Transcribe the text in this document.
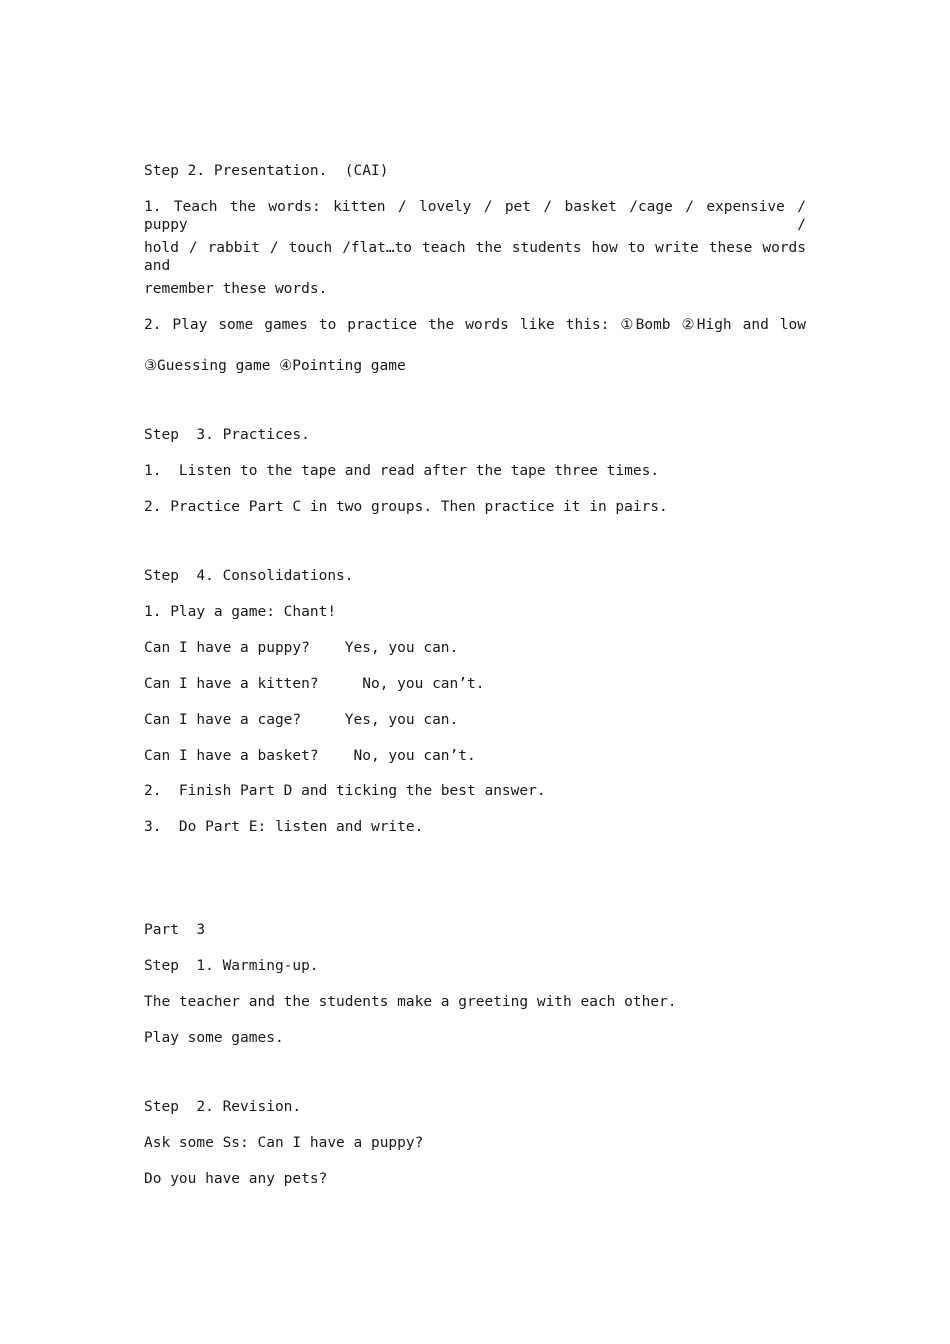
Step 2. Presentation.  (CAI)
1. Teach the words: kitten / lovely / pet / basket /cage / expensive / puppy /
hold / rabbit / touch /flat…to teach the students how to write these words and
remember these words.
2. Play some games to practice the words like this: ①Bomb ②High and low
③Guessing game ④Pointing game
Step  3. Practices.
1.  Listen to the tape and read after the tape three times.
2. Practice Part C in two groups. Then practice it in pairs.
Step  4. Consolidations.
1. Play a game: Chant!
Can I have a puppy?    Yes, you can.
Can I have a kitten?     No, you can’t.
Can I have a cage?     Yes, you can.
Can I have a basket?    No, you can’t.
2.  Finish Part D and ticking the best answer.
3.  Do Part E: listen and write.
Part  3
Step  1. Warming-up.
The teacher and the students make a greeting with each other.
Play some games.
Step  2. Revision.
Ask some Ss: Can I have a puppy?
Do you have any pets?
